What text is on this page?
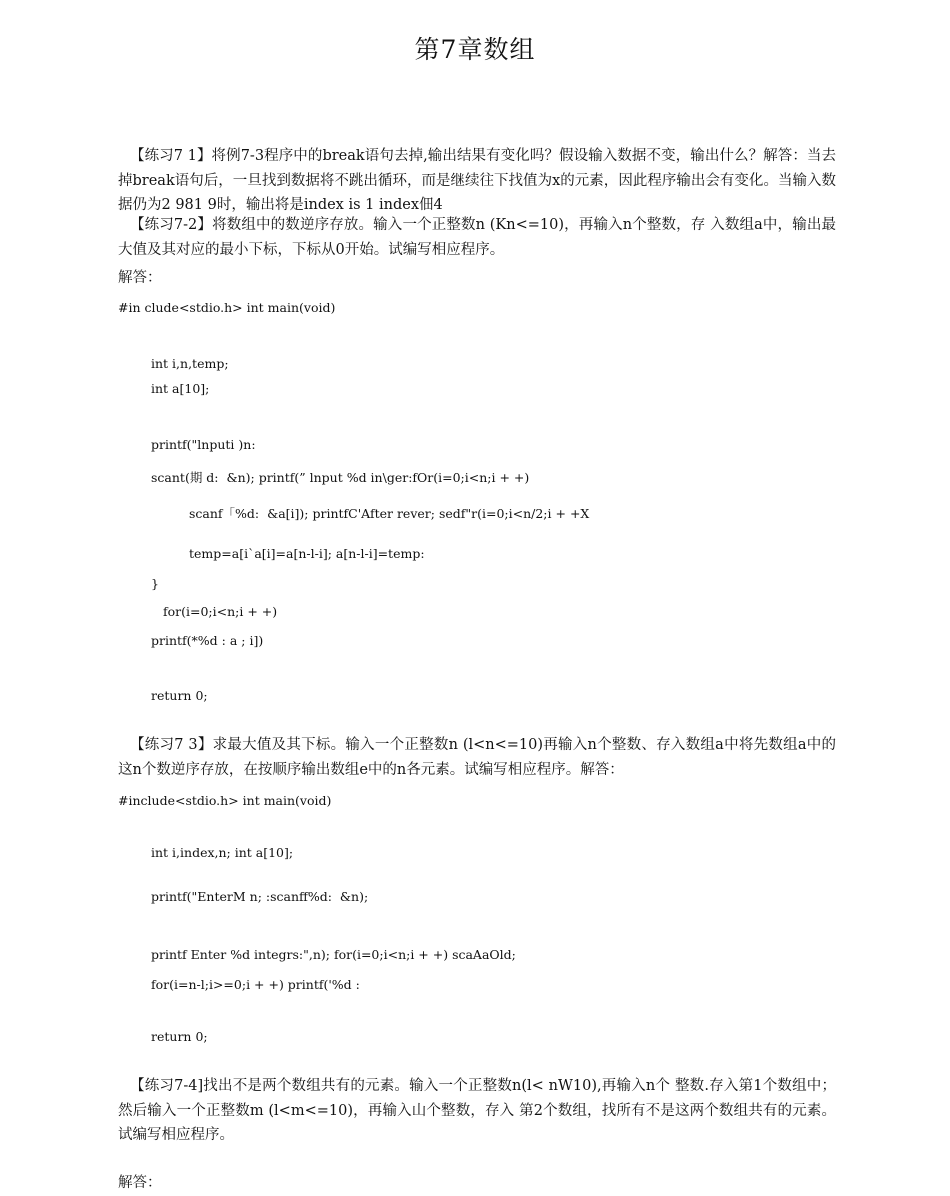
第7章数组

【练习7 1】将例7-3程序中的break语句去掉,输出结果有变化吗？假设输入数据不变，输出什么？解答：当去掉break语句后，一旦找到数据将不跳出循环，而是继续往下找值为x的元素，因此程序输出会有变化。当输入数据仍为2 981 9时，输出将是index is 1 index佃4

【练习7-2】将数组中的数逆序存放。输入一个正整数n (Kn<=10)，再输入n个整数，存 入数组a中，输出最大值及其对应的最小下标，下标从0开始。试编写相应程序。

解答：

#in clude<stdio.h> int main(void)
int i,n,temp;
int a[10];
printf("lnputi )n:
scant(期 d:  &n); printf(” lnput %d in\ger:fOr(i=0;i<n;i + +)
scanf「%d:  &a[i]); printfC'After rever; sedf"r(i=0;i<n/2;i + +X
temp=a[i`a[i]=a[n-l-i]; a[n-l-i]=temp:
}
for(i=0;i<n;i + +)
printf(*%d : a ; i])
return 0;

【练习7 3】求最大值及其下标。输入一个正整数n (l<n<=10)再输入n个整数、存入数组a中将先数组a中的这n个数逆序存放，在按顺序输出数组e中的n各元素。试编写相应程序。解答：

#include<stdio.h> int main(void)
int i,index,n; int a[10];
printf("EnterM n; :scanff%d:  &n);
printf Enter %d integrs:",n); for(i=0;i<n;i + +) scaAaOld;
for(i=n-l;i>=0;i + +) printf('%d :
return 0;

【练习7-4]找出不是两个数组共有的元素。输入一个正整数n(l< nW10),再输入n个 整数.存入第1个数组中；然后输入一个正整数m (l<m<=10)，再输入山个整数，存入 第2个数组，找所有不是这两个数组共有的元素。试编写相应程序。

解答：
